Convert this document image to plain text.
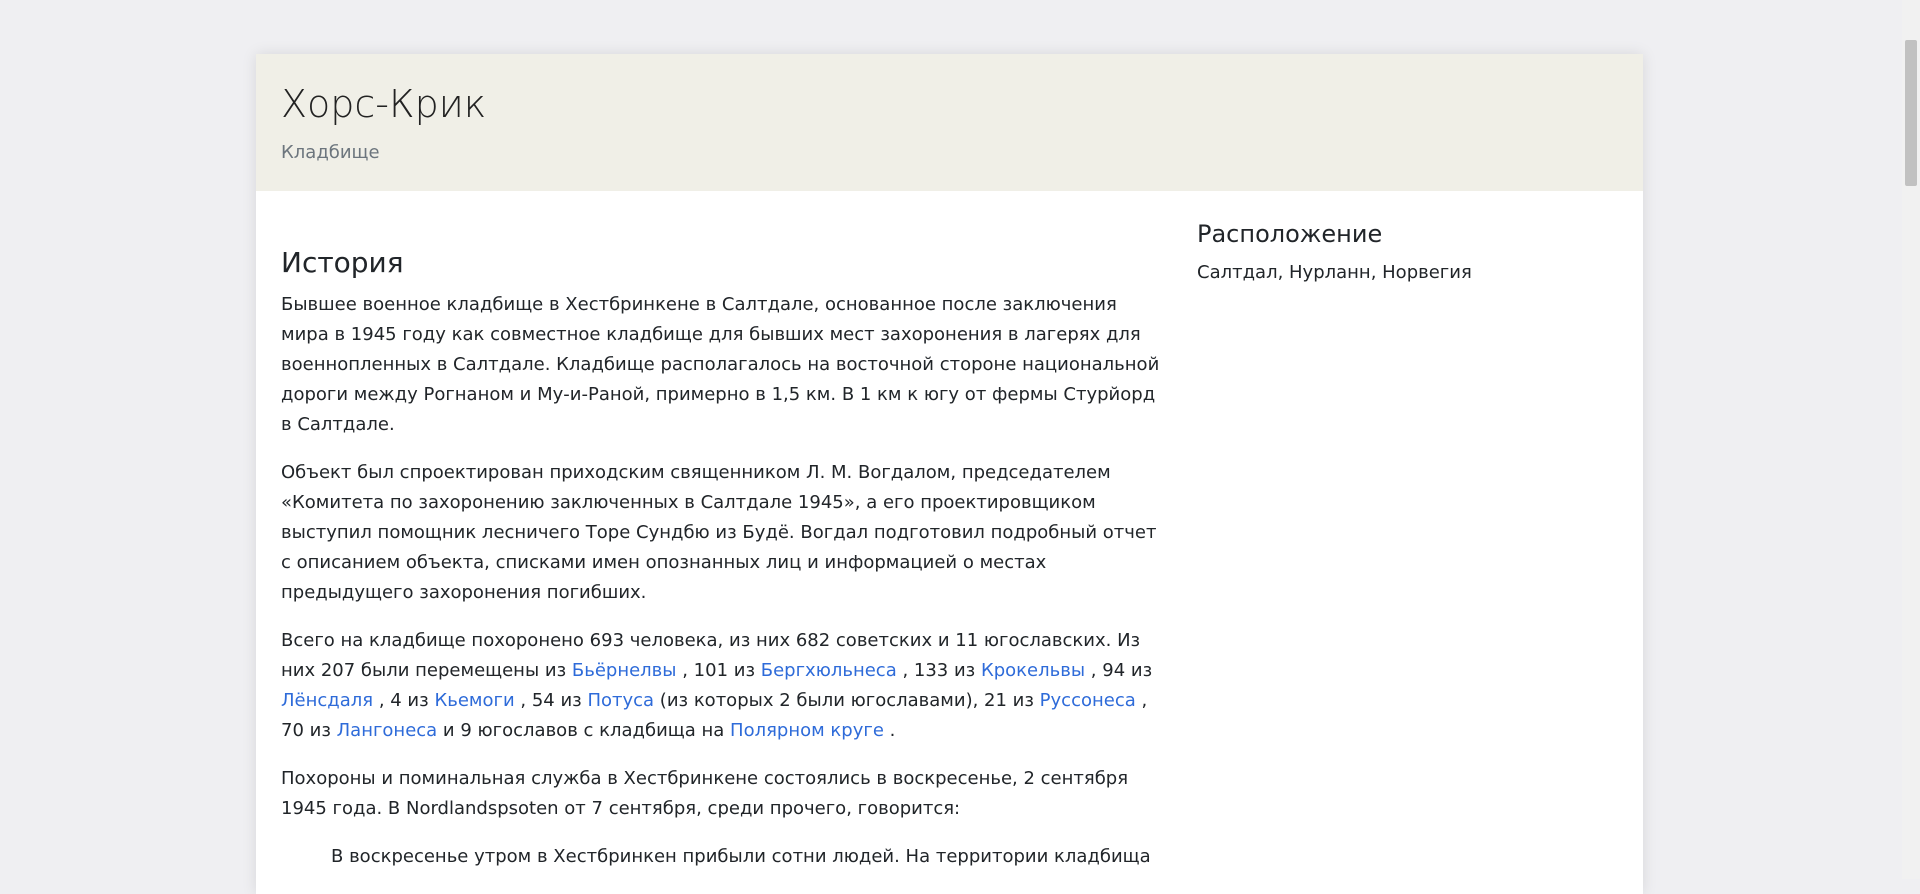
Хорс-Крик
Кладбище
История

Бывшее военное кладбище в Хестбринкене в Салтдале, основанное после заключения мира в 1945 году как совместное кладбище для бывших мест захоронения в лагерях для военнопленных в Салтдале. Кладбище располагалось на восточной стороне национальной дороги между Рогнаном и Му-и-Раной, примерно в 1,5 км. В 1 км к югу от фермы Стурйорд в Салтдале.

Объект был спроектирован приходским священником Л. М. Вогдалом, председателем «Комитета по захоронению заключенных в Салтдале 1945», а его проектировщиком выступил помощник лесничего Торе Сундбю из Будё. Вогдал подготовил подробный отчет с описанием объекта, списками имен опознанных лиц и информацией о местах предыдущего захоронения погибших.

Всего на кладбище похоронено 693 человека, из них 682 советских и 11 югославских. Из них 207 были перемещены из Бьёрнелвы , 101 из Бергхюльнеса , 133 из Крокельвы , 94 из Лёнсдаля , 4 из Кьемоги , 54 из Потуса (из которых 2 были югославами), 21 из Руссонеса , 70 из Лангонеса и 9 югославов с кладбища на Полярном круге .

Похороны и поминальная служба в Хестбринкене состоялись в воскресенье, 2 сентября 1945 года. В Nordlandspsoten от 7 сентября, среди прочего, говорится:

В воскресенье утром в Хестбринкен прибыли сотни людей. На территории кладбища
Расположение
Салтдал, Нурланн, Норвегия
